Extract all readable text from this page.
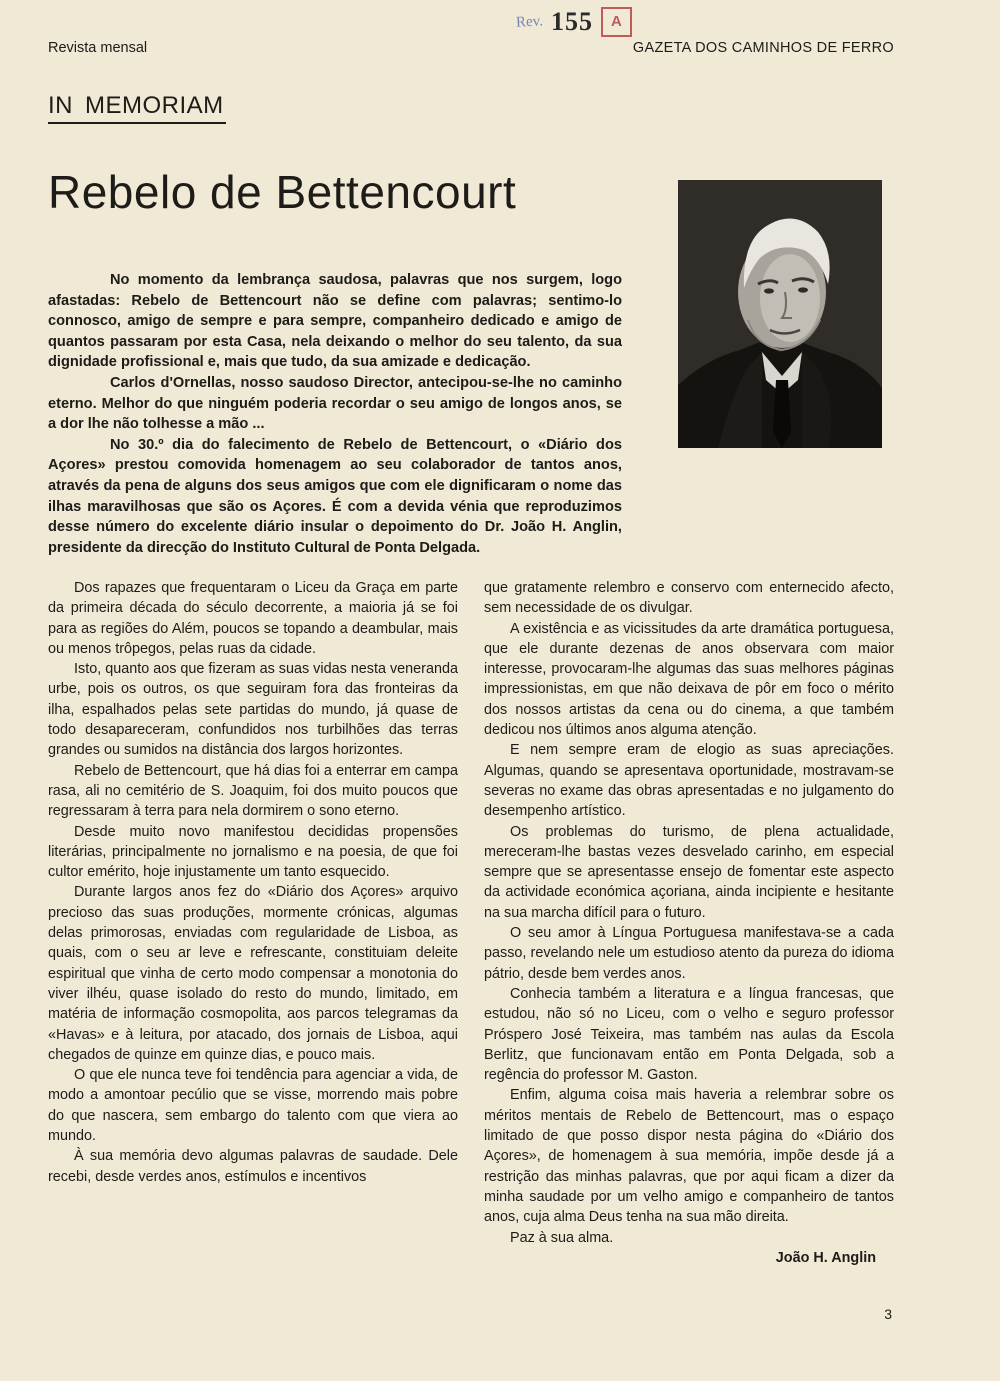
Rev. 155	A
Revista mensal	GAZETA DOS CAMINHOS DE FERRO
IN MEMORIAM
Rebelo de Bettencourt

No momento da lembrança saudosa, palavras que nos surgem, logo afastadas: Rebelo de Bettencourt não se define com palavras; sentimo-lo connosco, amigo de sempre e para sempre, companheiro dedicado e amigo de quantos passaram por esta Casa, nela deixando o melhor do seu talento, da sua dignidade profissional e, mais que tudo, da sua amizade e dedicação.

Carlos d'Ornellas, nosso saudoso Director, antecipou-se-lhe no caminho eterno. Melhor do que ninguém poderia recordar o seu amigo de longos anos, se a dor lhe não tolhesse a mão ...

No 30.º dia do falecimento de Rebelo de Bettencourt, o «Diário dos Açores» prestou comovida homenagem ao seu colaborador de tantos anos, através da pena de alguns dos seus amigos que com ele dignificaram o nome das ilhas maravilhosas que são os Açores. É com a devida vénia que reproduzimos desse número do excelente diário insular o depoimento do Dr. João H. Anglin, presidente da direcção do Instituto Cultural de Ponta Delgada.

Dos rapazes que frequentaram o Liceu da Graça em parte da primeira década do século decorrente, a maioria já se foi para as regiões do Além, poucos se topando a deambular, mais ou menos trôpegos, pelas ruas da cidade.

Isto, quanto aos que fizeram as suas vidas nesta veneranda urbe, pois os outros, os que seguiram fora das fronteiras da ilha, espalhados pelas sete partidas do mundo, já quase de todo desapareceram, confundidos nos turbilhões das terras grandes ou sumidos na distância dos largos horizontes.

Rebelo de Bettencourt, que há dias foi a enterrar em campa rasa, ali no cemitério de S. Joaquim, foi dos muito poucos que regressaram à terra para nela dormirem o sono eterno.

Desde muito novo manifestou decididas propensões literárias, principalmente no jornalismo e na poesia, de que foi cultor emérito, hoje injustamente um tanto esquecido.

Durante largos anos fez do «Diário dos Açores» arquivo precioso das suas produções, mormente crónicas, algumas delas primorosas, enviadas com regularidade de Lisboa, as quais, com o seu ar leve e refrescante, constituiam deleite espiritual que vinha de certo modo compensar a monotonia do viver ilhéu, quase isolado do resto do mundo, limitado, em matéria de informação cosmopolita, aos parcos telegramas da «Havas» e à leitura, por atacado, dos jornais de Lisboa, aqui chegados de quinze em quinze dias, e pouco mais.

O que ele nunca teve foi tendência para agenciar a vida, de modo a amontoar pecúlio que se visse, morrendo mais pobre do que nascera, sem embargo do talento com que viera ao mundo.

À sua memória devo algumas palavras de saudade. Dele recebi, desde verdes anos, estímulos e incentivos

que gratamente relembro e conservo com enternecido afecto, sem necessidade de os divulgar.

A existência e as vicissitudes da arte dramática portuguesa, que ele durante dezenas de anos observara com maior interesse, provocaram-lhe algumas das suas melhores páginas impressionistas, em que não deixava de pôr em foco o mérito dos nossos artistas da cena ou do cinema, a que também dedicou nos últimos anos alguma atenção.

E nem sempre eram de elogio as suas apreciações. Algumas, quando se apresentava oportunidade, mostravam-se severas no exame das obras apresentadas e no julgamento do desempenho artístico.

Os problemas do turismo, de plena actualidade, mereceram-lhe bastas vezes desvelado carinho, em especial sempre que se apresentasse ensejo de fomentar este aspecto da actividade económica açoriana, ainda incipiente e hesitante na sua marcha difícil para o futuro.

O seu amor à Língua Portuguesa manifestava-se a cada passo, revelando nele um estudioso atento da pureza do idioma pátrio, desde bem verdes anos.

Conhecia também a literatura e a língua francesas, que estudou, não só no Liceu, com o velho e seguro professor Próspero José Teixeira, mas também nas aulas da Escola Berlitz, que funcionavam então em Ponta Delgada, sob a regência do professor M. Gaston.

Enfim, alguma coisa mais haveria a relembrar sobre os méritos mentais de Rebelo de Bettencourt, mas o espaço limitado de que posso dispor nesta página do «Diário dos Açores», de homenagem à sua memória, impõe desde já a restrição das minhas palavras, que por aqui ficam a dizer da minha saudade por um velho amigo e companheiro de tantos anos, cuja alma Deus tenha na sua mão direita.

Paz à sua alma.

João H. Anglin

3
